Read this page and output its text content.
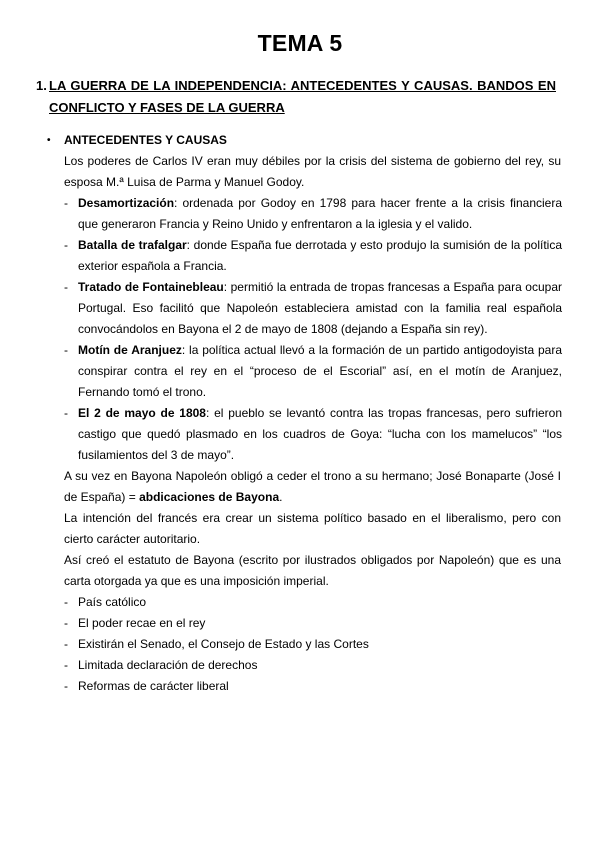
TEMA 5
1. LA GUERRA DE LA INDEPENDENCIA: ANTECEDENTES Y CAUSAS. BANDOS EN CONFLICTO Y FASES DE LA GUERRA
• ANTECEDENTES Y CAUSAS
Los poderes de Carlos IV eran muy débiles por la crisis del sistema de gobierno del rey, su esposa M.ª Luisa de Parma y Manuel Godoy.
- Desamortización: ordenada por Godoy en 1798 para hacer frente a la crisis financiera que generaron Francia y Reino Unido y enfrentaron a la iglesia y el valido.
- Batalla de trafalgar: donde España fue derrotada y esto produjo la sumisión de la política exterior española a Francia.
- Tratado de Fontainebleau: permitió la entrada de tropas francesas a España para ocupar Portugal. Eso facilitó que Napoleón estableciera amistad con la familia real española convocándolos en Bayona el 2 de mayo de 1808 (dejando a España sin rey).
- Motín de Aranjuez: la política actual llevó a la formación de un partido antigodoyista para conspirar contra el rey en el “proceso de el Escorial” así, en el motín de Aranjuez, Fernando tomó el trono.
- El 2 de mayo de 1808: el pueblo se levantó contra las tropas francesas, pero sufrieron castigo que quedó plasmado en los cuadros de Goya: “lucha con los mamelucos” “los fusilamientos del 3 de mayo”.
A su vez en Bayona Napoleón obligó a ceder el trono a su hermano; José Bonaparte (José I de España) = abdicaciones de Bayona.
La intención del francés era crear un sistema político basado en el liberalismo, pero con cierto carácter autoritario.
Así creó el estatuto de Bayona (escrito por ilustrados obligados por Napoleón) que es una carta otorgada ya que es una imposición imperial.
- País católico
- El poder recae en el rey
- Existirán el Senado, el Consejo de Estado y las Cortes
- Limitada declaración de derechos
- Reformas de carácter liberal
